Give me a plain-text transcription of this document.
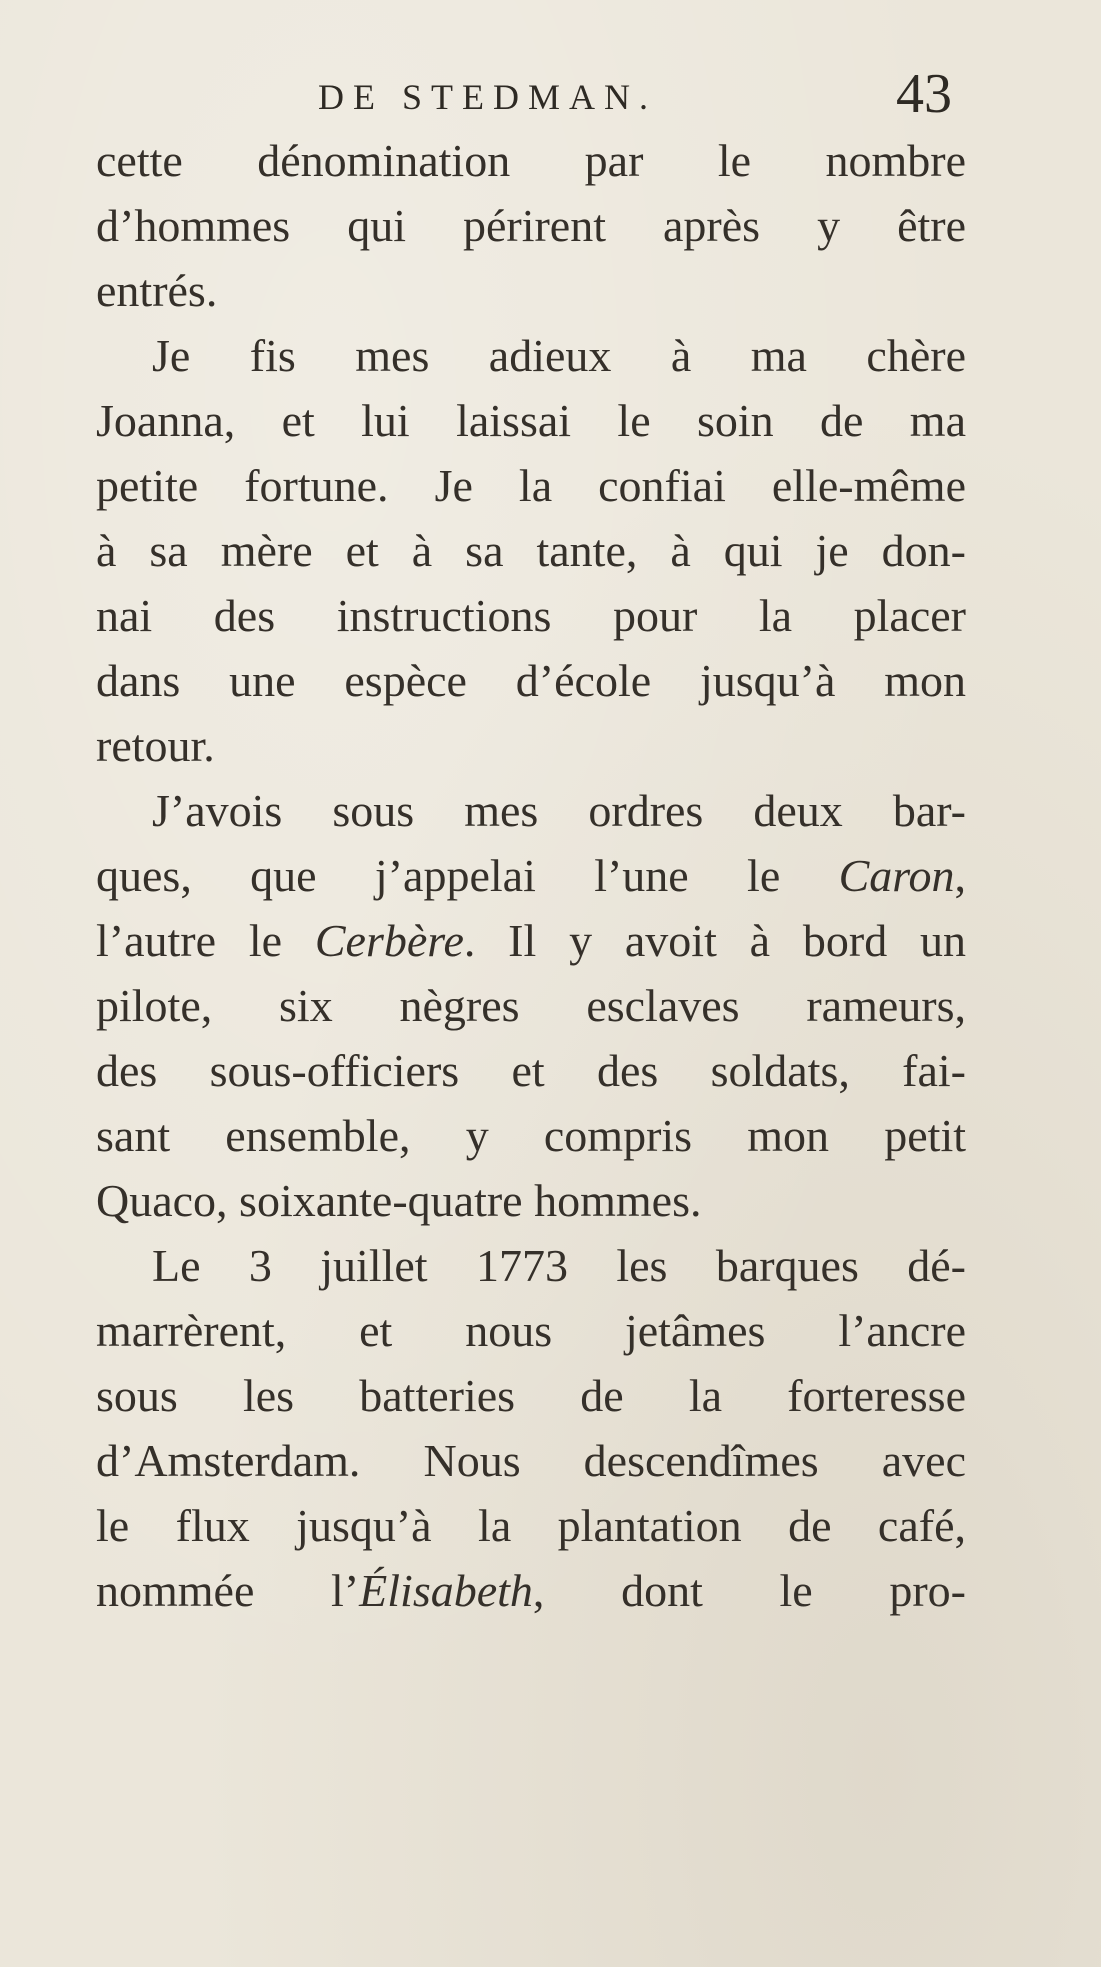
DE STEDMAN.	43
cette dénomination par le nombre
d’hommes qui périrent après y être
entrés.
Je fis mes adieux à ma chère
Joanna, et lui laissai le soin de ma
petite fortune. Je la confiai elle-même
à sa mère et à sa tante, à qui je don-
nai des instructions pour la placer
dans une espèce d’école jusqu’à mon
retour.
J’avois sous mes ordres deux bar-
ques, que j’appelai l’une le Caron,
l’autre le Cerbère. Il y avoit à bord un
pilote, six nègres esclaves rameurs,
des sous-officiers et des soldats, fai-
sant ensemble, y compris mon petit
Quaco, soixante-quatre hommes.
Le 3 juillet 1773 les barques dé-
marrèrent, et nous jetâmes l’ancre
sous les batteries de la forteresse
d’Amsterdam. Nous descendîmes avec
le flux jusqu’à la plantation de café,
nommée l’Élisabeth, dont le pro-
